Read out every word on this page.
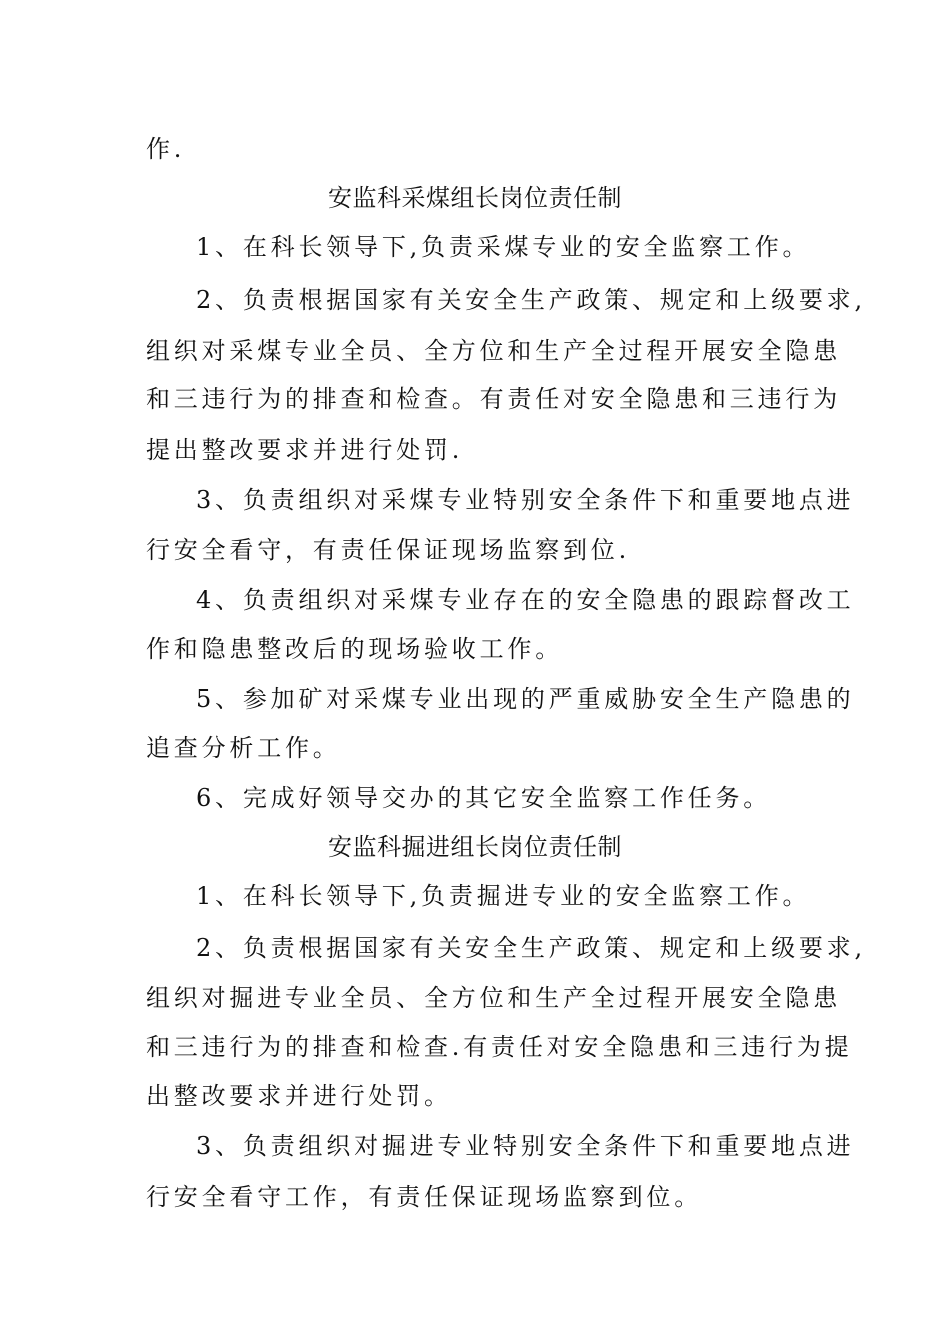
作.
安监科采煤组长岗位责任制
1、在科长领导下,负责采煤专业的安全监察工作。
2、负责根据国家有关安全生产政策、规定和上级要求,
组织对采煤专业全员、全方位和生产全过程开展安全隐患
和三违行为的排查和检查。有责任对安全隐患和三违行为
提出整改要求并进行处罚.
3、负责组织对采煤专业特别安全条件下和重要地点进
行安全看守，有责任保证现场监察到位.
4、负责组织对采煤专业存在的安全隐患的跟踪督改工
作和隐患整改后的现场验收工作。
5、参加矿对采煤专业出现的严重威胁安全生产隐患的
追查分析工作。
6、完成好领导交办的其它安全监察工作任务。
安监科掘进组长岗位责任制
1、在科长领导下,负责掘进专业的安全监察工作。
2、负责根据国家有关安全生产政策、规定和上级要求,
组织对掘进专业全员、全方位和生产全过程开展安全隐患
和三违行为的排查和检查.有责任对安全隐患和三违行为提
出整改要求并进行处罚。
3、负责组织对掘进专业特别安全条件下和重要地点进
行安全看守工作，有责任保证现场监察到位。
